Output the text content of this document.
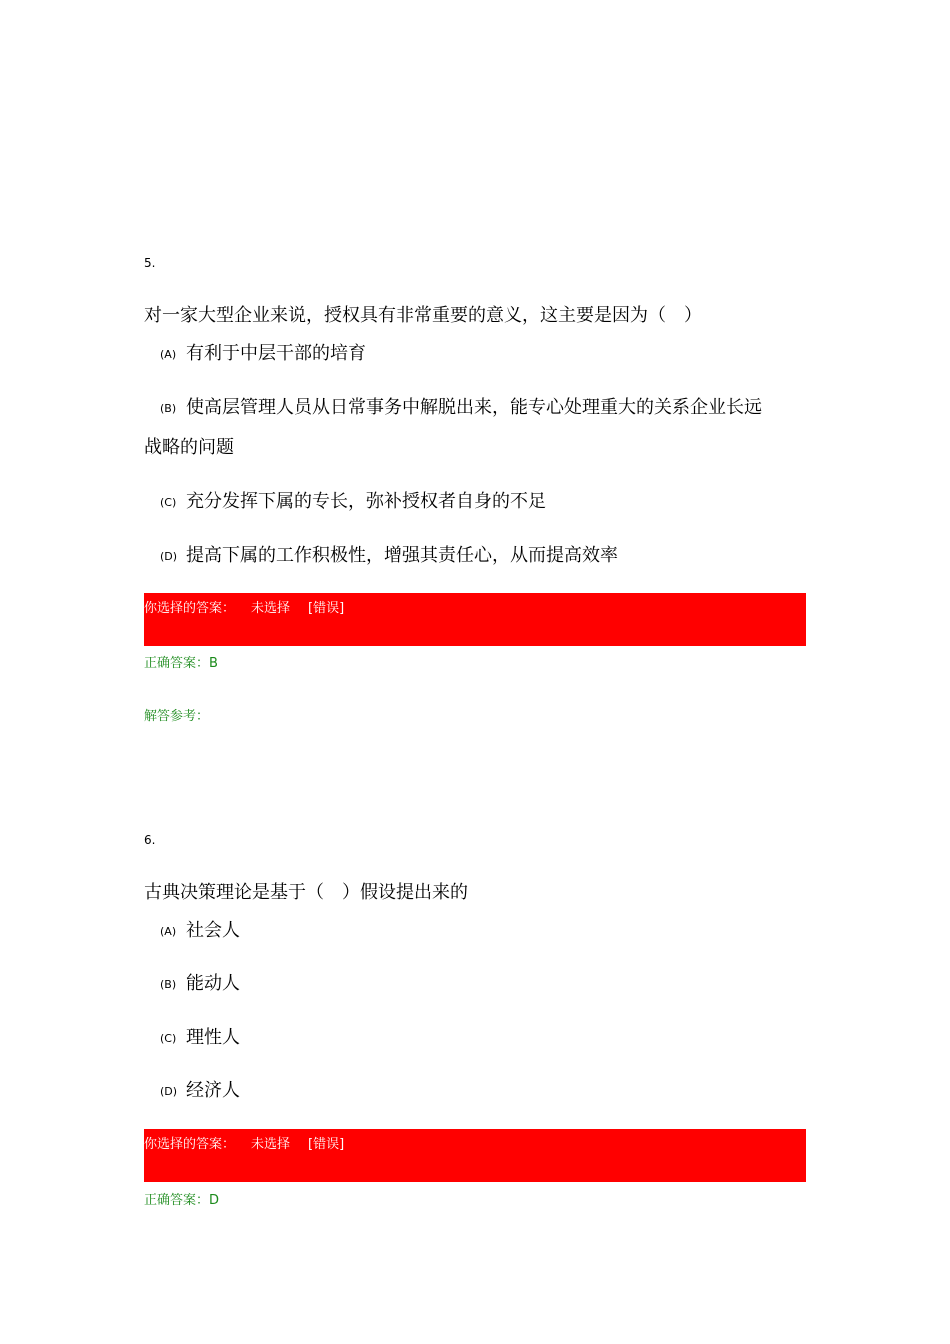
5.
对一家大型企业来说，授权具有非常重要的意义，这主要是因为（　）
(A) 有利于中层干部的培育
(B) 使高层管理人员从日常事务中解脱出来，能专心处理重大的关系企业长远
战略的问题
(C) 充分发挥下属的专长，弥补授权者自身的不足
(D) 提高下属的工作积极性，增强其责任心，从而提高效率
你选择的答案： 未选择 [错误]
正确答案：B
解答参考：
6.
古典决策理论是基于（　）假设提出来的
(A) 社会人
(B) 能动人
(C) 理性人
(D) 经济人
你选择的答案： 未选择 [错误]
正确答案：D
